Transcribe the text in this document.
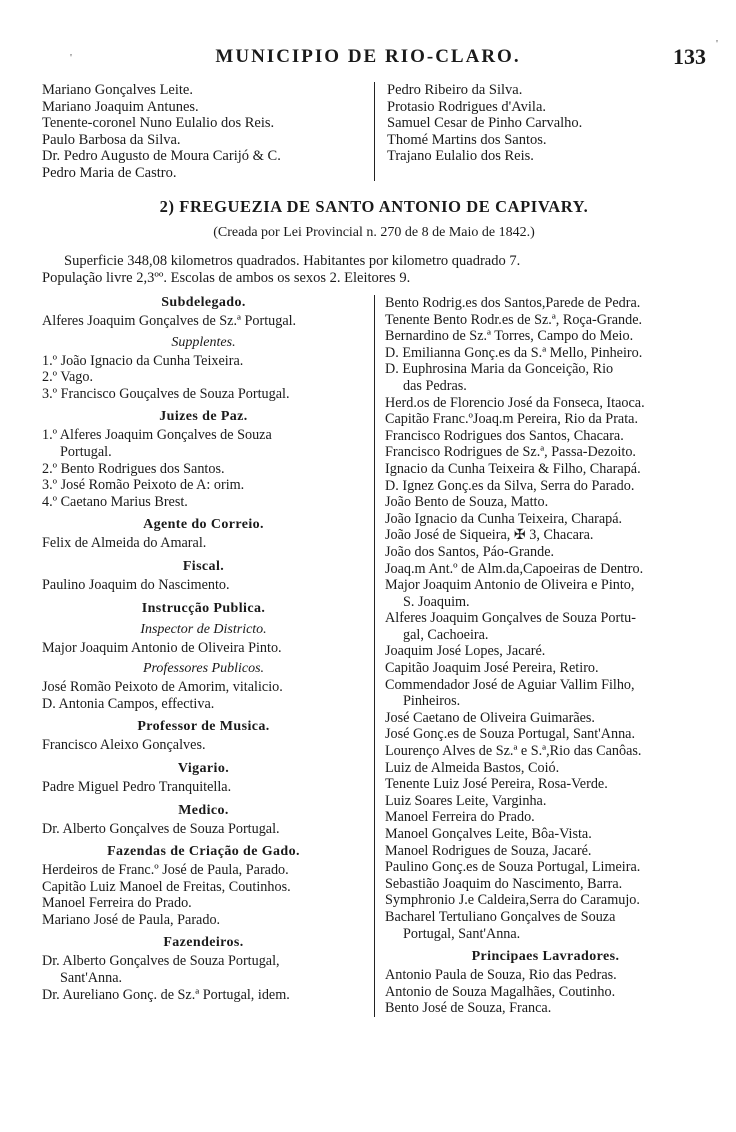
'
'
MUNICIPIO DE RIO-CLARO.	133
Mariano Gonçalves Leite.
Mariano Joaquim Antunes.
Tenente-coronel Nuno Eulalio dos Reis.
Paulo Barbosa da Silva.
Dr. Pedro Augusto de Moura Carijó & C.
Pedro Maria de Castro.
Pedro Ribeiro da Silva.
Protasio Rodrigues d'Avila.
Samuel Cesar de Pinho Carvalho.
Thomé Martins dos Santos.
Trajano Eulalio dos Reis.
2) FREGUEZIA DE SANTO ANTONIO DE CAPIVARY.
(Creada por Lei Provincial n. 270 de 8 de Maio de 1842.)
Superficie 348,08 kilometros quadrados. Habitantes por kilometro quadrado 7.
População livre 2,3ºº. Escolas de ambos os sexos 2. Eleitores 9.
Subdelegado.
Alferes Joaquim Gonçalves de Sz.ª Portugal.
Supplentes.
1.º João Ignacio da Cunha Teixeira.
2.º Vago.
3.º Francisco Gouçalves de Souza Portugal.
Juizes de Paz.
1.º Alferes Joaquim Gonçalves de Souza
Portugal.
2.º Bento Rodrigues dos Santos.
3.º José Romão Peixoto de A: orim.
4.º Caetano Marius Brest.
Agente do Correio.
Felix de Almeida do Amaral.
Fiscal.
Paulino Joaquim do Nascimento.
Instrucção Publica.
Inspector de Districto.
Major Joaquim Antonio de Oliveira Pinto.
Professores Publicos.
José Romão Peixoto de Amorim, vitalicio.
D. Antonia Campos, effectiva.
Professor de Musica.
Francisco Aleixo Gonçalves.
Vigario.
Padre Miguel Pedro Tranquitella.
Medico.
Dr. Alberto Gonçalves de Souza Portugal.
Fazendas de Criação de Gado.
Herdeiros de Franc.º José de Paula, Parado.
Capitão Luiz Manoel de Freitas, Coutinhos.
Manoel Ferreira do Prado.
Mariano José de Paula, Parado.
Fazendeiros.
Dr. Alberto Gonçalves de Souza Portugal,
Sant'Anna.
Dr. Aureliano Gonç. de Sz.ª Portugal, idem.
Bento Rodrig.es dos Santos,Parede de Pedra.
Tenente Bento Rodr.es de Sz.ª, Roça-Grande.
Bernardino de Sz.ª Torres, Campo do Meio.
D. Emilianna Gonç.es da S.ª Mello, Pinheiro.
D. Euphrosina Maria da Gonceição, Rio
das Pedras.
Herd.os de Florencio José da Fonseca, Itaoca.
Capitão Franc.ºJoaq.m Pereira, Rio da Prata.
Francisco Rodrigues dos Santos, Chacara.
Francisco Rodrigues de Sz.ª, Passa-Dezoito.
Ignacio da Cunha Teixeira & Filho, Charapá.
D. Ignez Gonç.es da Silva, Serra do Parado.
João Bento de Souza, Matto.
João Ignacio da Cunha Teixeira, Charapá.
João José de Siqueira, ✠ 3, Chacara.
João dos Santos, Páo-Grande.
Joaq.m Ant.º de Alm.da,Capoeiras de Dentro.
Major Joaquim Antonio de Oliveira e Pinto,
S. Joaquim.
Alferes Joaquim Gonçalves de Souza Portu-
gal, Cachoeira.
Joaquim José Lopes, Jacaré.
Capitão Joaquim José Pereira, Retiro.
Commendador José de Aguiar Vallim Filho,
Pinheiros.
José Caetano de Oliveira Guimarães.
José Gonç.es de Souza Portugal, Sant'Anna.
Lourenço Alves de Sz.ª e S.ª,Rio das Canôas.
Luiz de Almeida Bastos, Coió.
Tenente Luiz José Pereira, Rosa-Verde.
Luiz Soares Leite, Varginha.
Manoel Ferreira do Prado.
Manoel Gonçalves Leite, Bôa-Vista.
Manoel Rodrigues de Souza, Jacaré.
Paulino Gonç.es de Souza Portugal, Limeira.
Sebastião Joaquim do Nascimento, Barra.
Symphronio J.e Caldeira,Serra do Caramujo.
Bacharel Tertuliano Gonçalves de Souza
Portugal, Sant'Anna.
Principaes Lavradores.
Antonio Paula de Souza, Rio das Pedras.
Antonio de Souza Magalhães, Coutinho.
Bento José de Souza, Franca.
